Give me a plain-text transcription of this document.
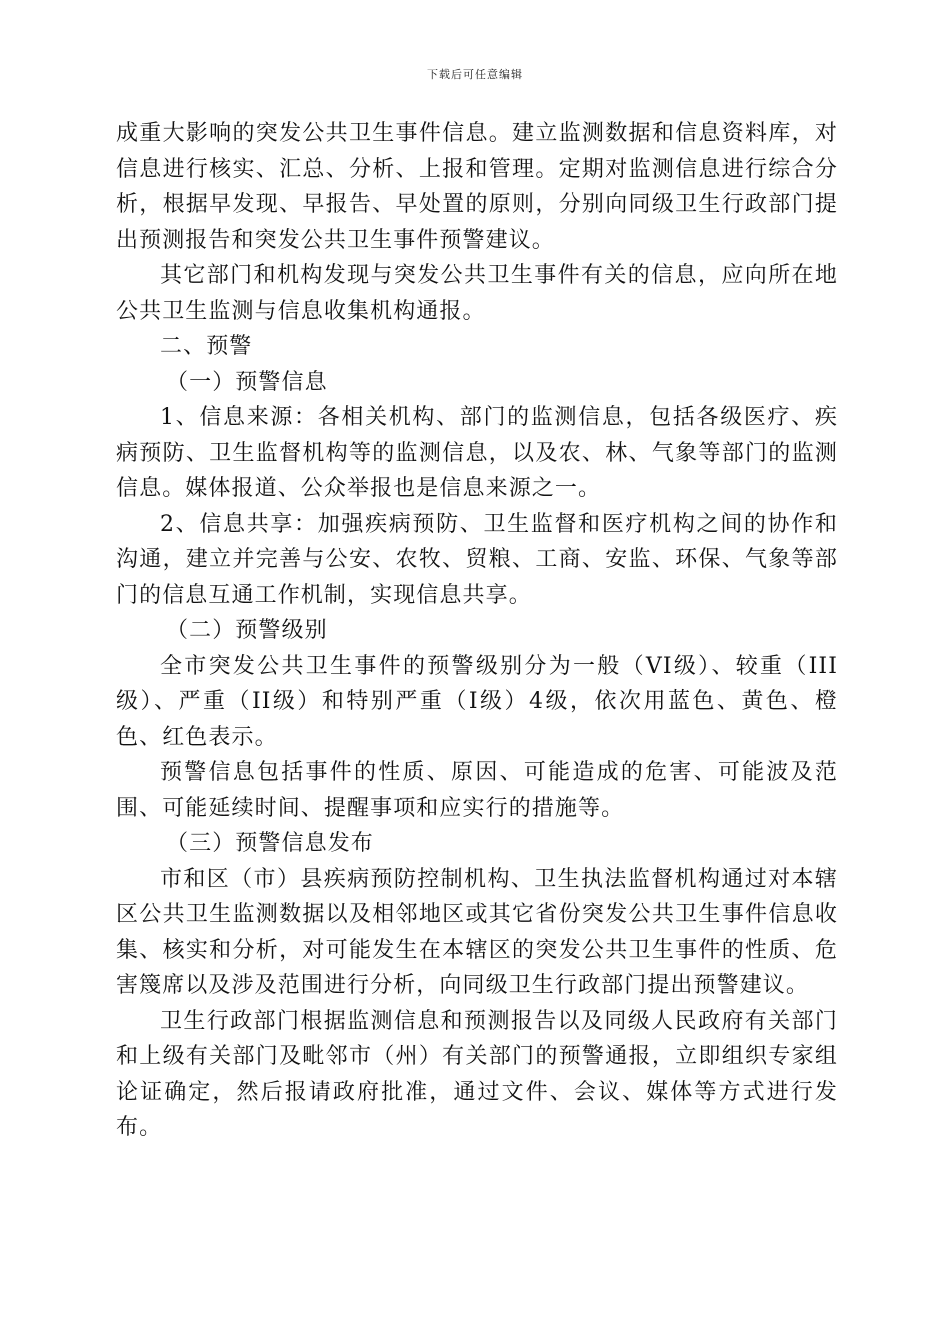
下载后可任意编辑

成重大影响的突发公共卫生事件信息。建立监测数据和信息资料库，对信息进行核实、汇总、分析、上报和管理。定期对监测信息进行综合分析，根据早发现、早报告、早处置的原则，分别向同级卫生行政部门提出预测报告和突发公共卫生事件预警建议。

其它部门和机构发现与突发公共卫生事件有关的信息，应向所在地公共卫生监测与信息收集机构通报。

二、预警

（一）预警信息

1、信息来源：各相关机构、部门的监测信息，包括各级医疗、疾病预防、卫生监督机构等的监测信息，以及农、林、气象等部门的监测信息。媒体报道、公众举报也是信息来源之一。

2、信息共享：加强疾病预防、卫生监督和医疗机构之间的协作和沟通，建立并完善与公安、农牧、贸粮、工商、安监、环保、气象等部门的信息互通工作机制，实现信息共享。

（二）预警级别

全市突发公共卫生事件的预警级别分为一般（VI级）、较重（III级）、严重（II级）和特别严重（I级）4级，依次用蓝色、黄色、橙色、红色表示。

预警信息包括事件的性质、原因、可能造成的危害、可能波及范围、可能延续时间、提醒事项和应实行的措施等。

（三）预警信息发布

市和区（市）县疾病预防控制机构、卫生执法监督机构通过对本辖区公共卫生监测数据以及相邻地区或其它省份突发公共卫生事件信息收集、核实和分析，对可能发生在本辖区的突发公共卫生事件的性质、危害篾席以及涉及范围进行分析，向同级卫生行政部门提出预警建议。

卫生行政部门根据监测信息和预测报告以及同级人民政府有关部门和上级有关部门及毗邻市（州）有关部门的预警通报，立即组织专家组论证确定，然后报请政府批准，通过文件、会议、媒体等方式进行发布。
